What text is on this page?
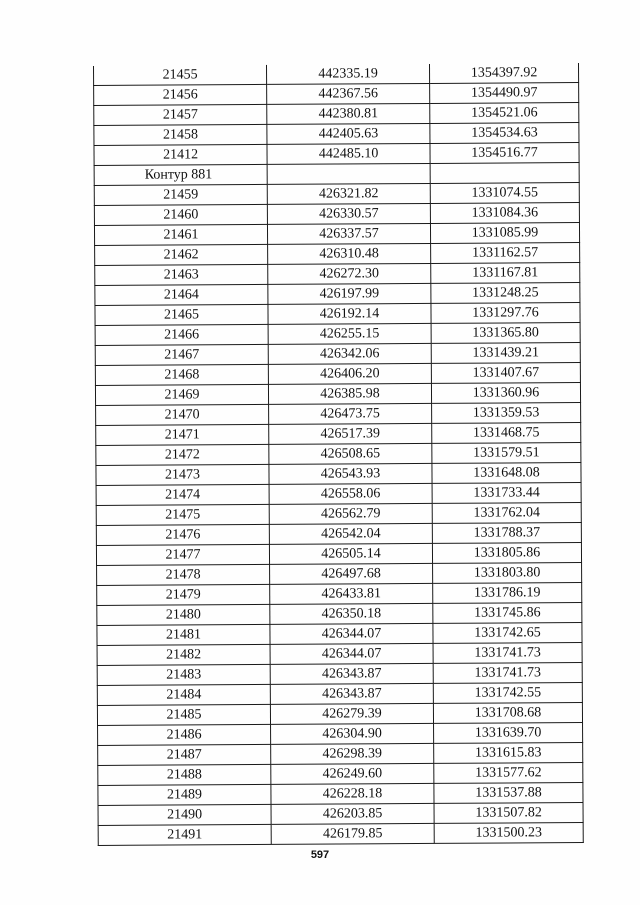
21455	442335.19	1354397.92
21456	442367.56	1354490.97
21457	442380.81	1354521.06
21458	442405.63	1354534.63
21412	442485.10	1354516.77
Контур 881		
21459	426321.82	1331074.55
21460	426330.57	1331084.36
21461	426337.57	1331085.99
21462	426310.48	1331162.57
21463	426272.30	1331167.81
21464	426197.99	1331248.25
21465	426192.14	1331297.76
21466	426255.15	1331365.80
21467	426342.06	1331439.21
21468	426406.20	1331407.67
21469	426385.98	1331360.96
21470	426473.75	1331359.53
21471	426517.39	1331468.75
21472	426508.65	1331579.51
21473	426543.93	1331648.08
21474	426558.06	1331733.44
21475	426562.79	1331762.04
21476	426542.04	1331788.37
21477	426505.14	1331805.86
21478	426497.68	1331803.80
21479	426433.81	1331786.19
21480	426350.18	1331745.86
21481	426344.07	1331742.65
21482	426344.07	1331741.73
21483	426343.87	1331741.73
21484	426343.87	1331742.55
21485	426279.39	1331708.68
21486	426304.90	1331639.70
21487	426298.39	1331615.83
21488	426249.60	1331577.62
21489	426228.18	1331537.88
21490	426203.85	1331507.82
21491	426179.85	1331500.23
597
